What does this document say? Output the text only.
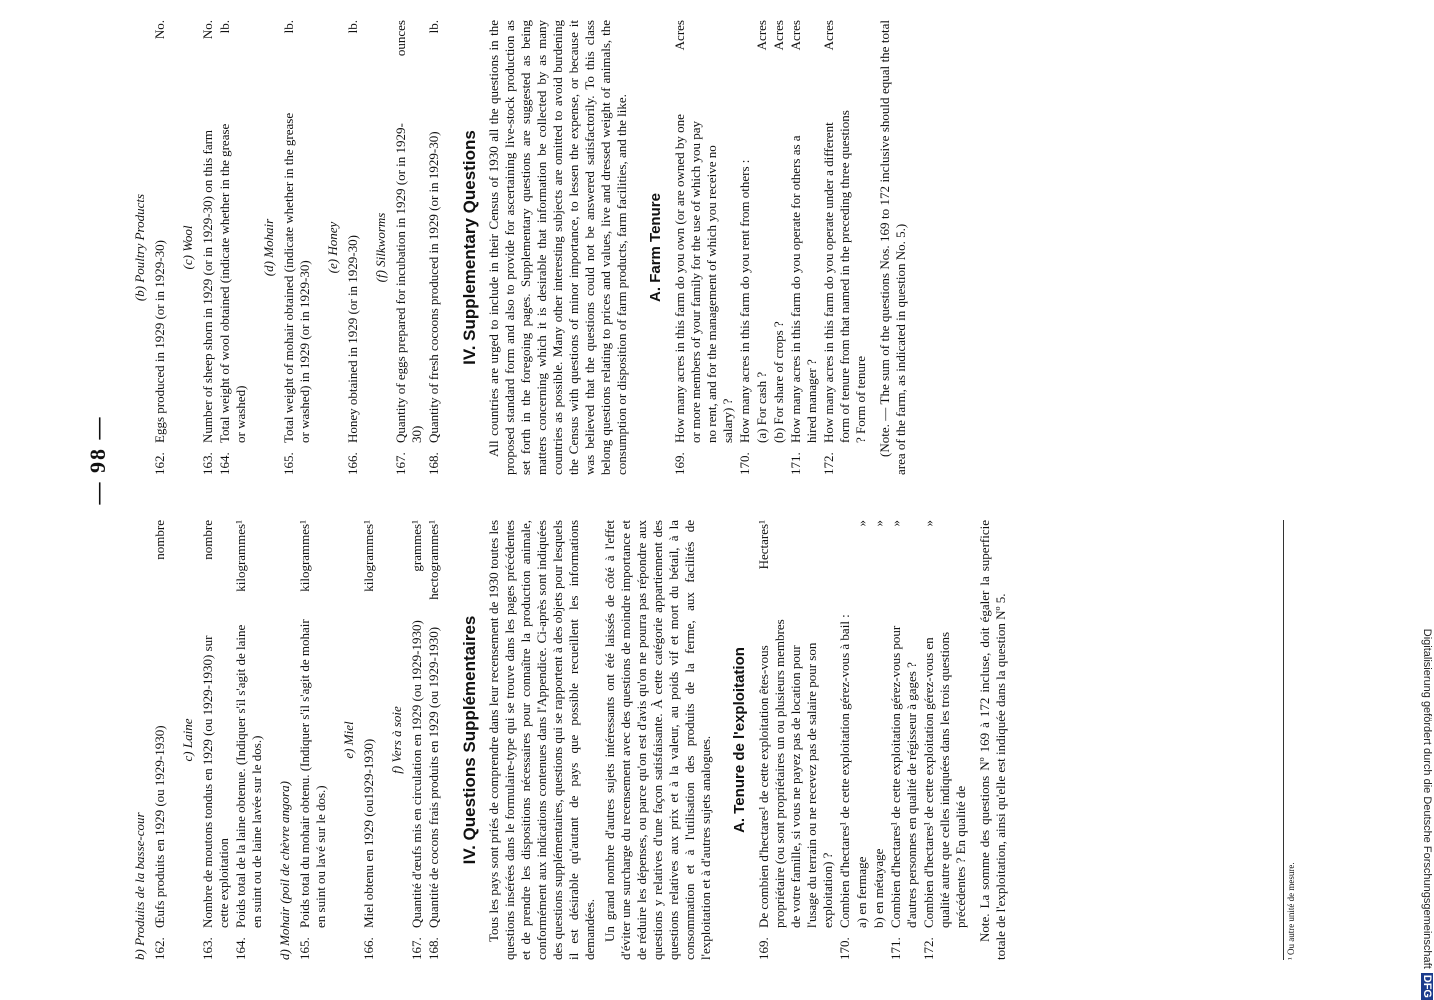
— 98 —
b) Produits de la basse-cour 162.
Œufs produits en 1929 (ou 1929-1930)
nombre
c) Laine
163.
Nombre de moutons tondus en 1929 (ou 1929-1930) sur cette exploitation
nombre
164.
Poids total de la laine obtenue. (Indiquer s'il s'agit de laine en suint ou de laine lavée sur le dos.)
kilogrammes¹
d) Mohair (poil de chèvre angora) 165.
Poids total du mohair obtenu. (Indiquer s'il s'agit de mohair en suint ou lavé sur le dos.)
kilogrammes¹
e) Miel
166.
Miel obtenu en 1929 (ou1929-1930)
kilogrammes¹
f) Vers à soie
167.
Quantité d'œufs mis en circulation en 1929 (ou 1929-1930)
grammes¹
168.
Quantité de cocons frais produits en 1929 (ou 1929-1930)
hectogrammes¹
IV. Questions Supplémentaires Tous les pays sont priés de comprendre dans leur recensement de 1930 toutes les questions insérées dans le formulaire-type qui se trouve dans les pages précédentes et de prendre les dispositions nécessaires pour connaître la production animale, conformément aux indications contenues dans l'Appendice. Ci-après sont indiquées des questions supplémentaires, questions qui se rapportent à des objets pour lesquels il est désirable qu'autant de pays que possible recueillent les informations demandées. Un grand nombre d'autres sujets intéressants ont été laissés de côté à l'effet d'éviter une surcharge du recensement avec des questions de moindre importance et de réduire les dépenses, ou parce qu'on est d'avis qu'on ne pourra pas répondre aux questions y relatives d'une façon satisfaisante. À cette catégorie appartiennent des questions relatives aux prix et à la valeur, au poids vif et mort du bétail, à la consommation et à l'utilisation des produits de la ferme, aux facilités de l'exploitation et à d'autres sujets analogues. A. Tenure de l'exploitation
169.
De combien d'hectares¹ de cette exploitation êtes-vous propriétaire (ou sont propriétaires un ou plusieurs membres de votre famille, si vous ne payez pas de location pour l'usage du terrain ou ne recevez pas de salaire pour son exploitation) ?
Hectares¹
170.
Combien d'hectares¹ de cette exploitation gérez-vous à bail : a) en fermage
»
b) en métayage
»
171.
Combien d'hectares¹ de cette exploitation gérez-vous pour d'autres personnes en qualité de régisseur à gages ?
»
172.
Combien d'hectares¹ de cette exploitation gérez-vous en qualité autre que celles indiquées dans les trois questions précédentes ? En qualité de
»	Note. La somme des questions Nº 169 à 172 incluse, doit égaler la superficie totale de l'exploitation, ainsi qu'elle est indiquée dans la question Nº 5.
(b) Poultry Products
162.
Eggs produced in 1929 (or in 1929-30)
No.
(c) Wool
163.
Number of sheep shorn in 1929 (or in 1929-30) on this farm
No.
164.
Total weight of wool obtained (indicate whether in the grease or washed)
lb.
(d) Mohair
165.
Total weight of mohair obtained (indicate whether in the grease or washed) in 1929 (or in 1929-30)
lb.
(e) Honey
166.
Honey obtained in 1929 (or in 1929-30)
lb.
(f) Silkworms
167.
Quantity of eggs prepared for incubation in 1929 (or in 1929-30)
ounces
168.
Quantity of fresh cocoons produced in 1929 (or in 1929-30)
lb.
IV. Supplementary Questions All countries are urged to include in their Census of 1930 all the questions in the proposed standard form and also to provide for ascertaining live-stock production as set forth in the foregoing pages. Supplementary questions are suggested as being matters concerning which it is desirable that information be collected by as many countries as possible. Many other interesting subjects are omitted to avoid burdening the Census with questions of minor importance, to lessen the expense, or because it was believed that the questions could not be answered satisfactorily. To this class belong questions relating to prices and values, live and dressed weight of animals, the consumption or disposition of farm products, farm facilities, and the like. A. Farm Tenure
169.
How many acres in this farm do you own (or are owned by one or more members of your family for the use of which you pay no rent, and for the management of which you receive no salary) ?
Acres
170.
How many acres in this farm do you rent from others : (a) For cash ?
Acres
(b) For share of crops ?
Acres
171.
How many acres in this farm do you operate for others as a hired manager ?
Acres
172.
How many acres in this farm do you operate under a different form of tenure from that named in the preceding three questions ? Form of tenure
Acres	(Note. — The sum of the questions Nos. 169 to 172 inclusive should equal the total area of the farm, as indicated in question No. 5.)
¹ Ou autre unité de mesure.	Digitalisierung gefördert durch die Deutsche ForschungsgemeinschaftDFG
